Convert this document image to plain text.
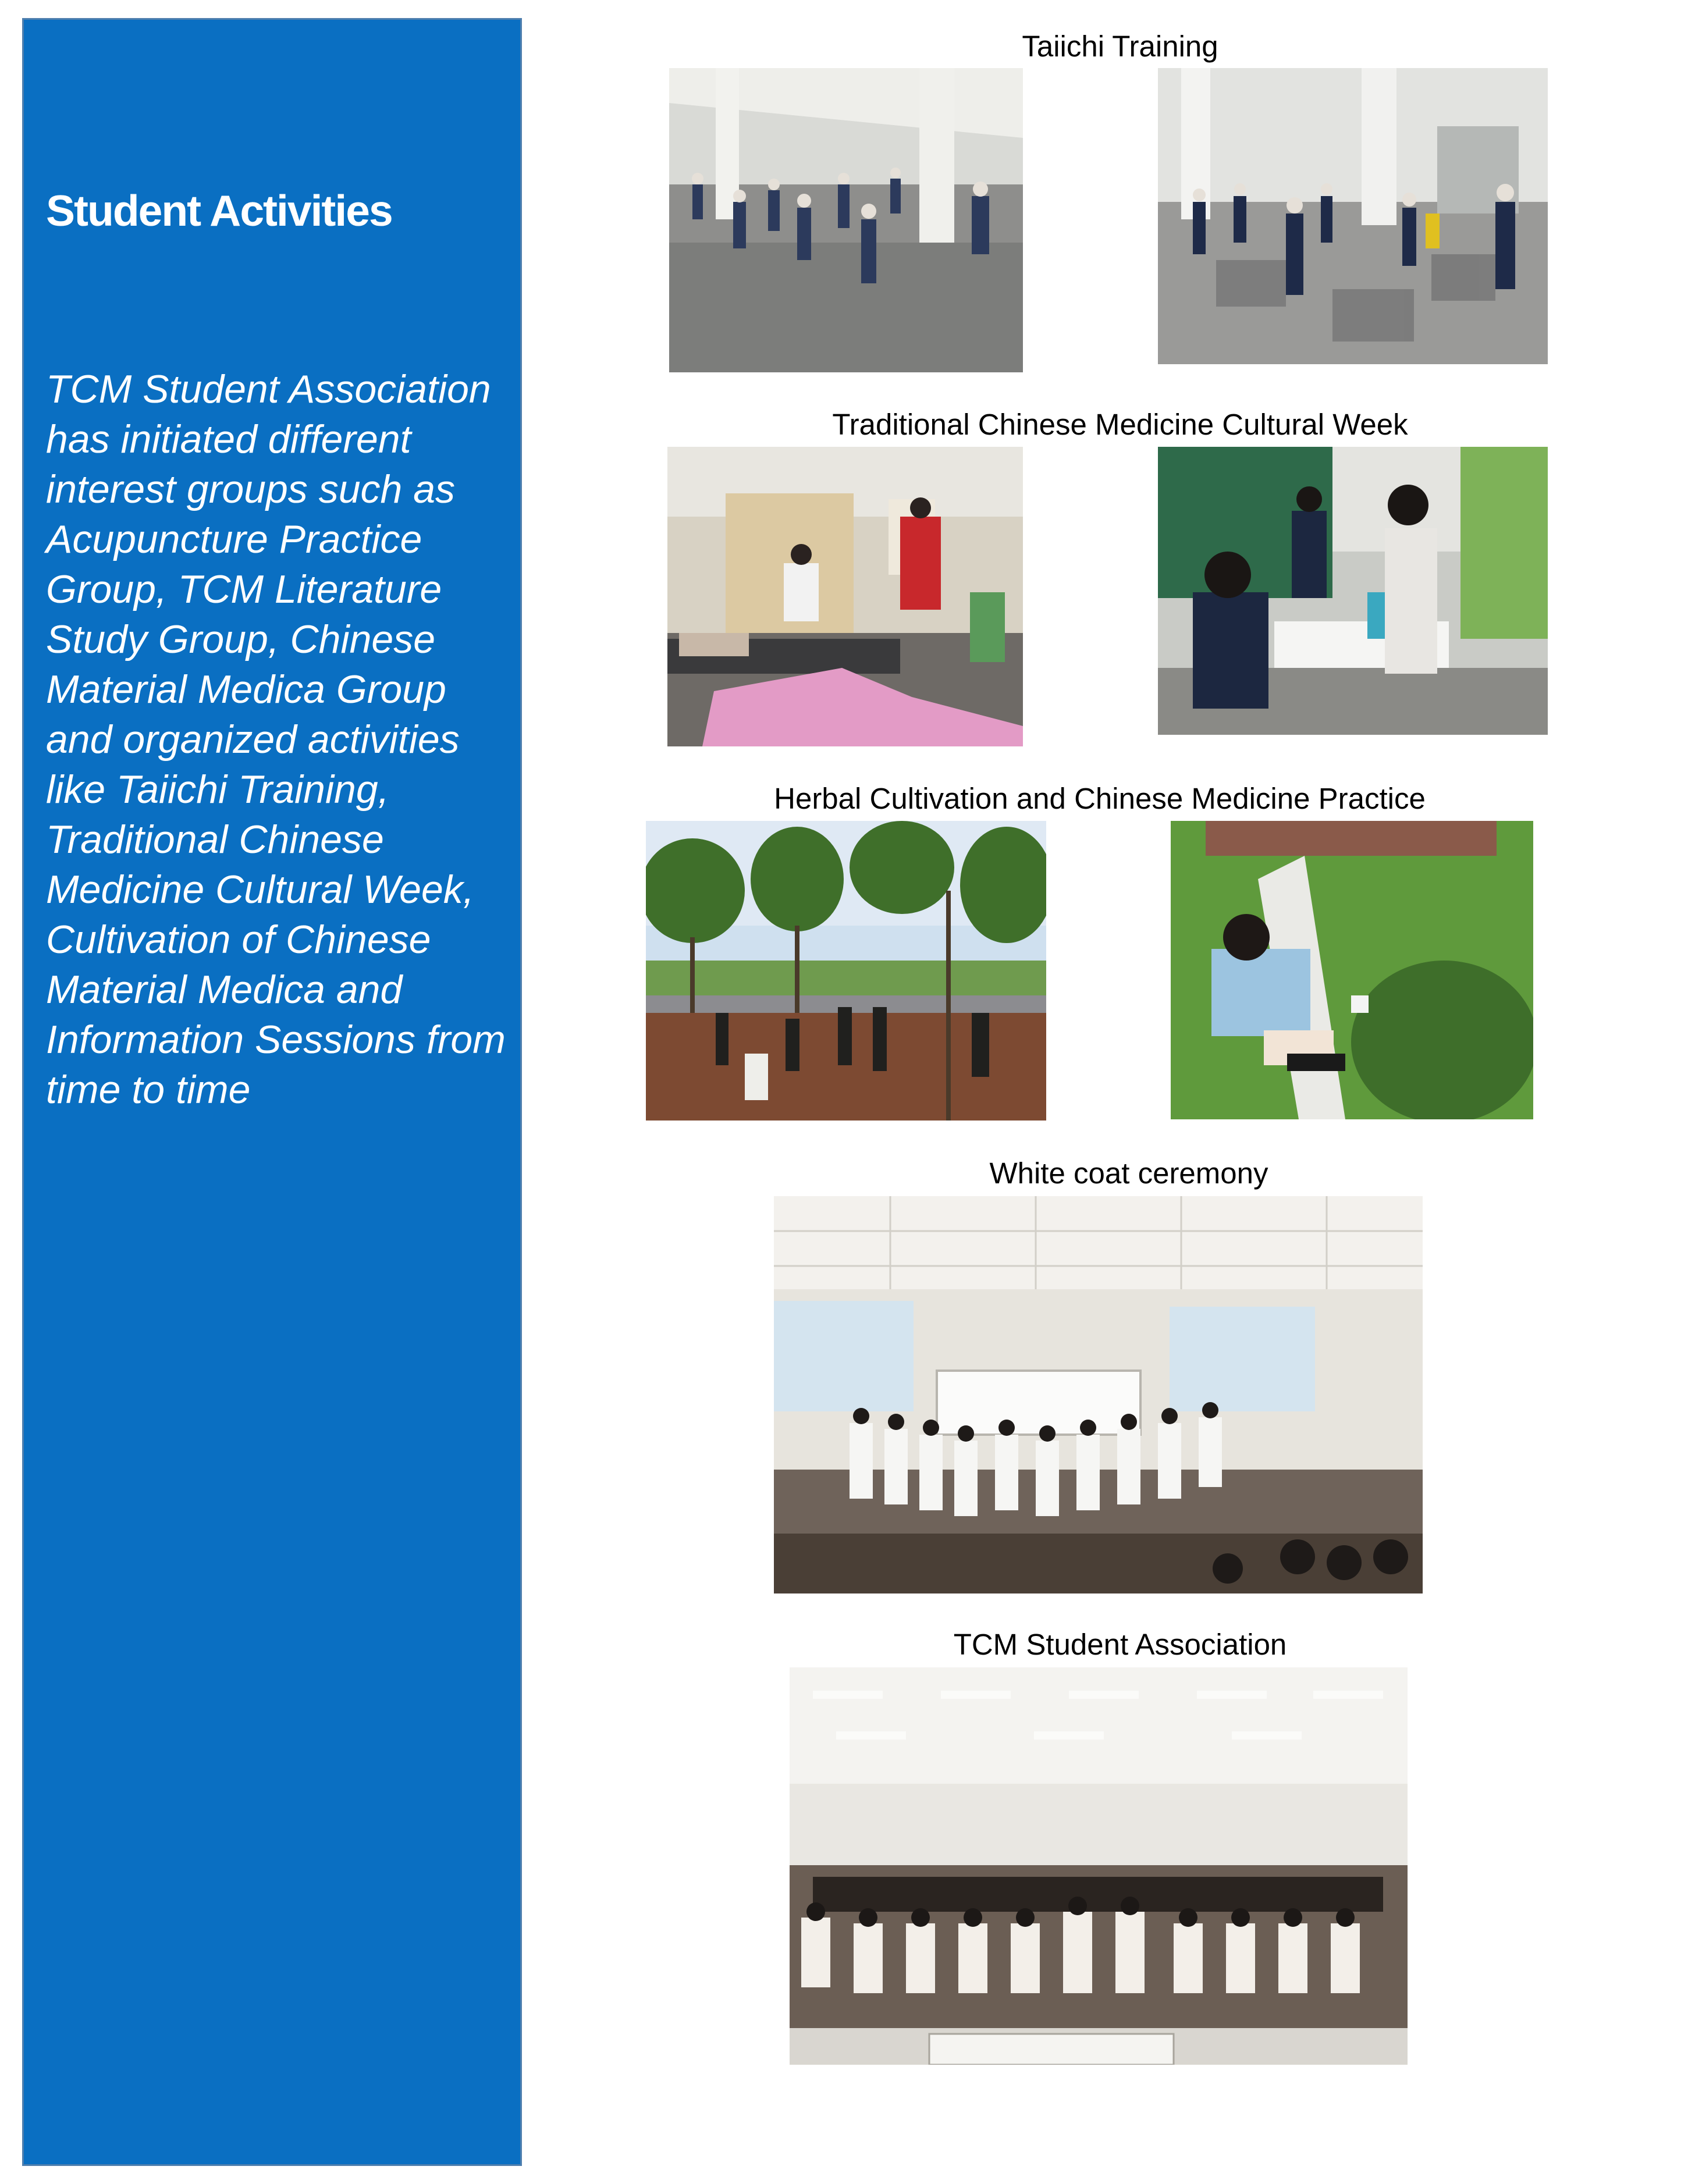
Student Activities

TCM Student Association has initiated different interest groups such as Acupuncture Practice Group, TCM Literature Study Group, Chinese Material Medica Group and organized activities like Taiichi Training, Traditional Chinese Medicine Cultural Week, Cultivation of Chinese Material Medica and Information Sessions from time to time

Taiichi Training
Traditional Chinese Medicine Cultural Week
Herbal Cultivation and Chinese Medicine Practice
White coat ceremony
TCM Student Association
